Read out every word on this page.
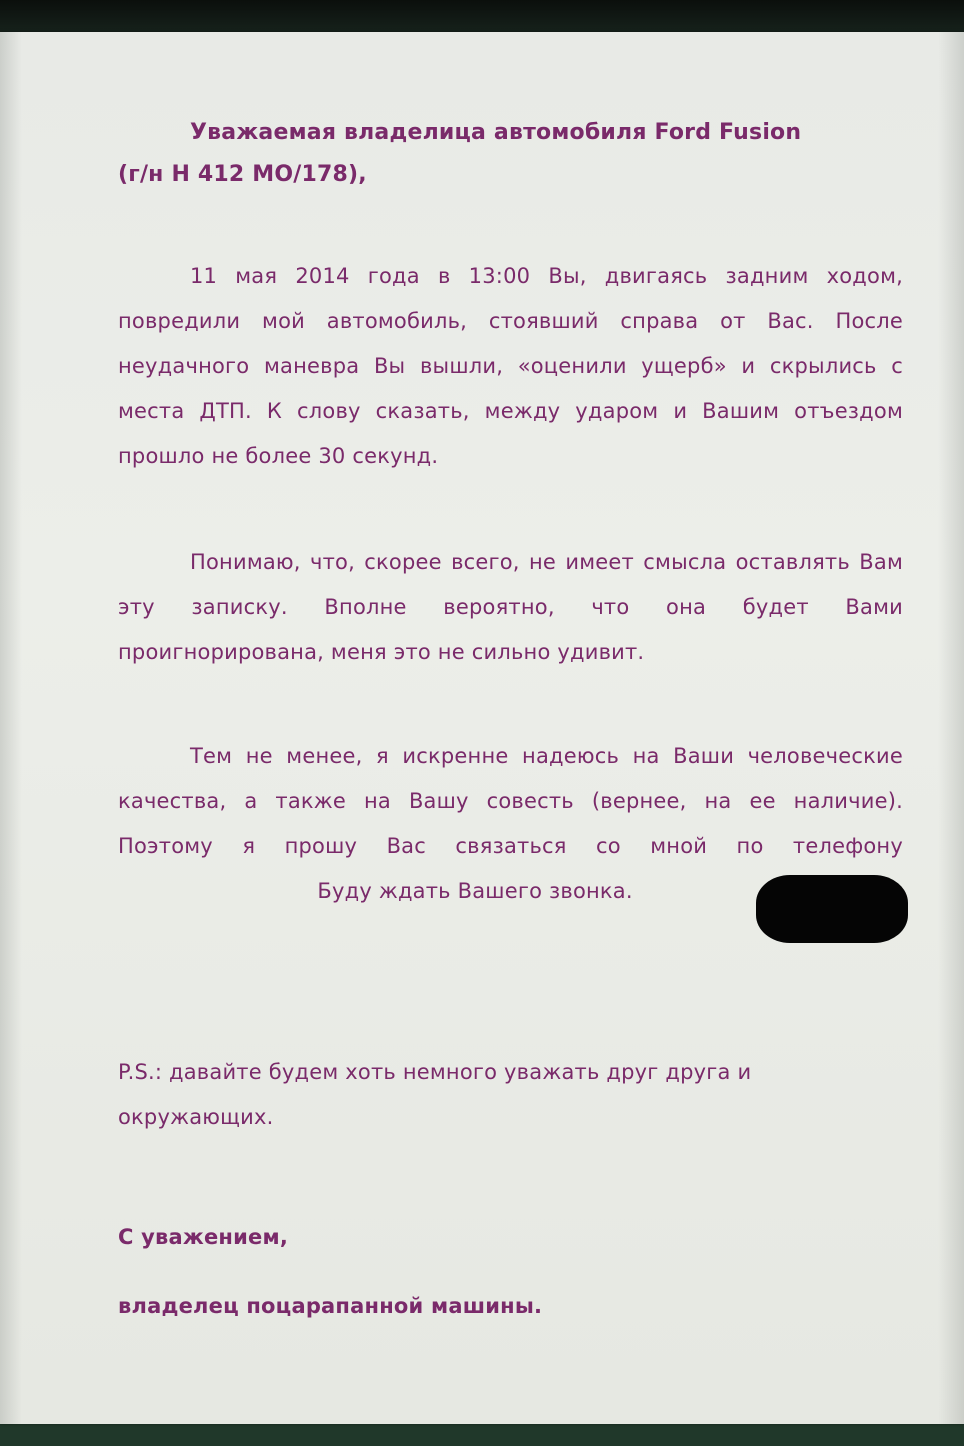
Уважаемая владелица автомобиля Ford Fusion
(г/н Н 412 МО/178),
11 мая 2014 года в 13:00 Вы, двигаясь задним ходом, повредили мой автомобиль, стоявший справа от Вас. После неудачного маневра Вы вышли, «оценили ущерб» и скрылись с места ДТП. К слову сказать, между ударом и Вашим отъездом прошло не более 30 секунд.
Понимаю, что, скорее всего, не имеет смысла оставлять Вам эту записку. Вполне вероятно, что она будет Вами проигнорирована, меня это не сильно удивит.
Тем не менее, я искренне надеюсь на Ваши человеческие качества, а также на Вашу совесть (вернее, на ее наличие). Поэтому я прошу Вас связаться со мной по телефону                              Буду ждать Вашего звонка.
P.S.: давайте будем хоть немного уважать друг друга и окружающих.
С уважением,
владелец поцарапанной машины.
